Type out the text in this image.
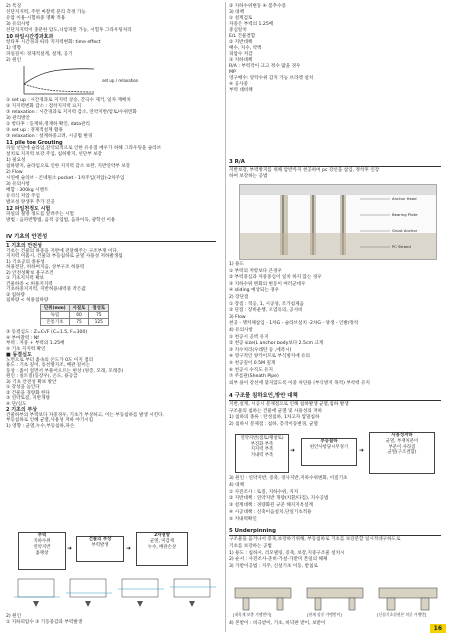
2) 특징
선단지지력, 주면 마찰력 분리 측정 가능
유압 이용-시험하중 명확 적용
3) 유의사항
선단지지력이 충분한 암도,니암파만 가능, 시험후 그라우팅처리
10 파일시간경과효과
항타후 시간경과 따라 지지력변화: time effect
1) 영향
파일길이: 경제적설계, 설계, 공기
2) 원인
set up / relaxation
① set up : 시간경과로 지지력 상승, 간극수 제거, 일자 재배치
② 지지력변화 감소 : 점착지지력 요지
③ relaxation : 시간경과로 지지력 감소, 연약지반/암토/수위면화
3) 관리방안
① 항타후 : 동재하,정재하 확인, data관리
② set up : 경제적설계 활용
③ relaxation : 설계하중고려, 시공법 변경
11 pile toe Grouting
파일 선단에 슬라임,잔석퇴적으로 인한 유유점 예우가 하해 그라우팅을 슬라브
설치로 지지력 보강 주입, 침하방지, 선단부 보강
1) 필요성
침하방지, 슬라임으로 인한 지지력 감소 보완, 지반연약부 보강
2) Flow
시연에 슬라브 - 콘네원소 pocket - 1차주입(저압)-2차주입
3) 유의사항
배합 : 300kg 시멘트
유석식 저압 주입
발포성 양생후 추가 진공
12 파일천정도 시험
파일의 철방 정도를 알려주는 시험
방법 : 음파반향법, 음적 공업법, 음파이득, 광학선 이용
IV 기초의 안전성
1 기초의 안전성
기초는 건물의 하중을 지반에 전달해주는 구조부재 이다.
지지력 미흡시, 건물의 부등침하로 균열 사용성 저하발생됨
1) 기초공의 종류성
허용전단, 허하여지음, 상부구조 허용력
2) 안전성확보 용구조건
① 기초지지력 확보
건물하중 < 허용지지력
기초하중지지력, 지반허용내력중 작은값
② 침하량
침하량 < 허용침하량
단위(mm)	사질토	점성토
독립	60	75
온통기초	75	125
③ 동결심도 : Z=C√F (C=1.5, F=300)
④ 부마찰력 : Nf
부력 : 자중 + 부력의 1.25배
⑤ 기초 지지력 확인
■ 동결심도
노면으로 부터 흙속의 온도가 0도 이지 점의
용도 : 기초 깊이, 동선방지조, 배관 깊이는
동상 : 흙이 얼면서 부풀어오르는 현상 (빙층, 모래, 모래층)
원인 : 실트질(동장우), 온도, 용공급
3) 기초 안전성 확보 방안
① 강성을 높인다
② 건물을 경량화 한다
③ 연약토질, 지반개량
④ 단/심도
2 기초의 부상
건물하부의 부력보다 자중경우, 기초가 부상하고, 이는 부등침하를 발생 시킨다.
부등침하로 인해 균열,사용성 저하 야기시킴
1) 영향 : 균열,누수,부등침하,파손
부력
지하수위
연약지반
흙팽창
➜
건물의 부상
부력발생	➜
2차영향
균열, 미감재
누수, 배관손상
2) 원인
① 지하피압수 ③ 기동중감과 부력발생
② 지하수위변동 ④ 봄추수증
3) 대책
① 설계검토
자중은 부력의 1.25배
중심알치
E/L 건물결합
② 지반대책
배수, 지수, 약액
피압수 저감
③ 지하대책
R/A : 부력작이 크고 정수 많을 경우
MP
영구배수: 앙탁수위 감지 가능 브라켓 설치
④ 공사중
부력 대비책
3 R/A
지반보강, 부력방지를 위해 암반까지 천공하여 pc 강선을 삽입, 정착후 인장
하여 보강하는 공법
Anchor Head
Bearing Plate
Grout Anchor
PC Strand
1) 용도
① 부력의 저항보다 큰경우
② 부력중심과 자중중심이 일치 하지 않는 경우
③ 지하수위 변화의 변동이 여러군데우
④ sliding 예상되는 경우
2) 장단점
① 장점 : 적응, 1, 시공성, 조가침제음
② 단점 : 장비운행, 오염유의, 공사비
3) Flow
천공 - 앵커체삽입 - 1차G - 슬라브설치 -2차G - 양생 - 인발/정착
4) 유의사항
① 천공시 공벽 유지
② 천공 size(L anchor body보다 2.5cm 크게
③ 지수처리(우레탄 등 ,에폭시)
④ 영구적인 양카이므로 부식방지에 유의
⑤ 천공깊이 0.5M 깊게
⑥ 천공시 수직도 유지
⑦ 주름관(Sheath Pipe)
외부 용이 강선에 닿지않도록 이중 차단용 (부식방지 목적) 부착력 유지
4 구조물 침하요인,방안 대책
지반,설계, 시공시 문제점으로 인해 침하발생 균열,침하 발생
구조물의 침하는 건물에 균열 및 사용성의 저하
1) 침하의 종류 : 탄성침하, 1차고자 압밀침하
2) 침하시 문제점 : 침하, 층격이동변경, 균열
연약지반(점토/팽창토)
부진화 부족
지지력 부족
지내력 부족
➜
부등침하
편안사항당시무경기	➜
사용성저하
균열, 부재처분이
부분이 사라짐
균열(구조결함)
3) 원인 : 연약지반, 증축, 경사지반,지하수위변화, 이질기초
4) 대책
① 사전조사 : 토질, 지하수위, 지지
② 지반대책 : 연약지반 개량(치환/다짐), 지수공법
③ 설계대책 : 경량화된 규준 해지지옥설계
④ 시공대책 : 신축이음설치,단일기초적용
⑤ 지내력확인
5 Underpinning
구조물을 움거나서 증축,보강하기위해, 부등침하로 기초를 보강분할 일시적대구하도로
기초를 보강하는 공법
1) 용도 : 침하시, 리모델링, 증축, 보강,지중구조물 설치시
2) 순서 : 사전조사-준비-가설-가받미 본일의 해체
3) 가받이공법 : 지주, 신설기초 이동, 받침로
[내목재 보충 가맹받이]	[현재 강중 가맹받이]	[신설기초설현본 치중 가맹받]
4) 본받이 : 비극받이, 기초, 바닥판 받이, 보받이
16
